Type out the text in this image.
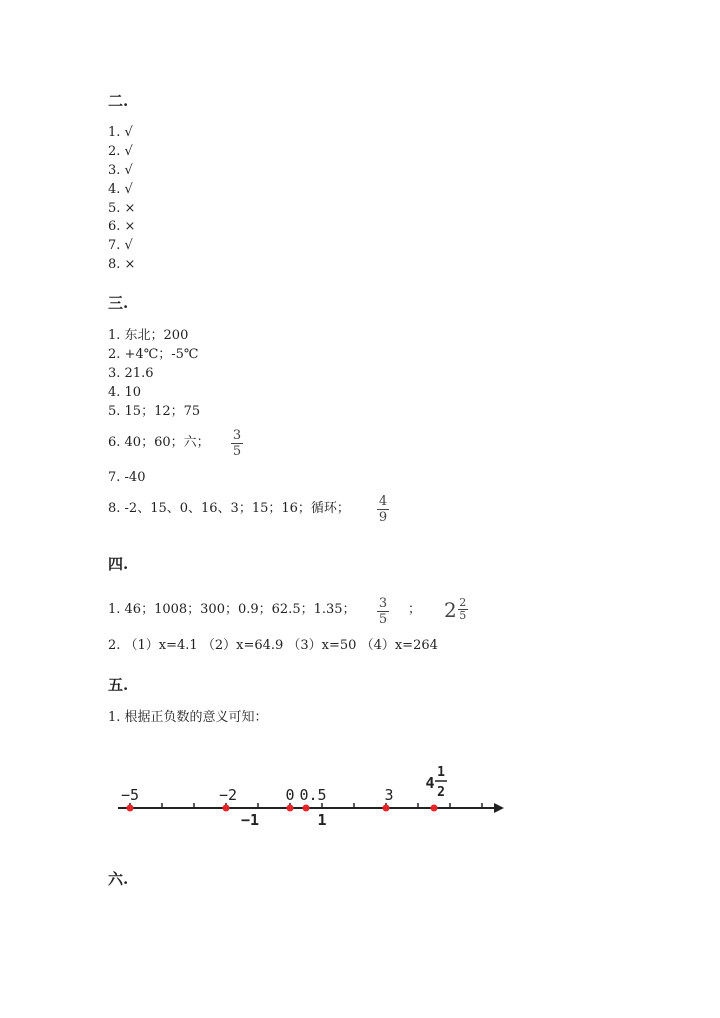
二.
1. √
2. √
3. √
4. √
5. ×
6. ×
7. √
8. ×
三.
1. 东北；200
2. +4℃；-5℃
3. 21.6
4. 10
5. 15；12；75
6. 40；60；六； 3
5
7. -40
8. -2、15、0、16、3；15；16；循环； 4
9
四.
1. 46；1008；300；0.9；62.5；1.35； 3
5
； $2 \frac{2}{5}$
2. （1）x=4.1 （2）x=64.9 （3）x=50 （4）x=264
五.
1. 根据正负数的意义可知：
−5	−2	0 0.5	3
4
1
2
−1	1
六.
